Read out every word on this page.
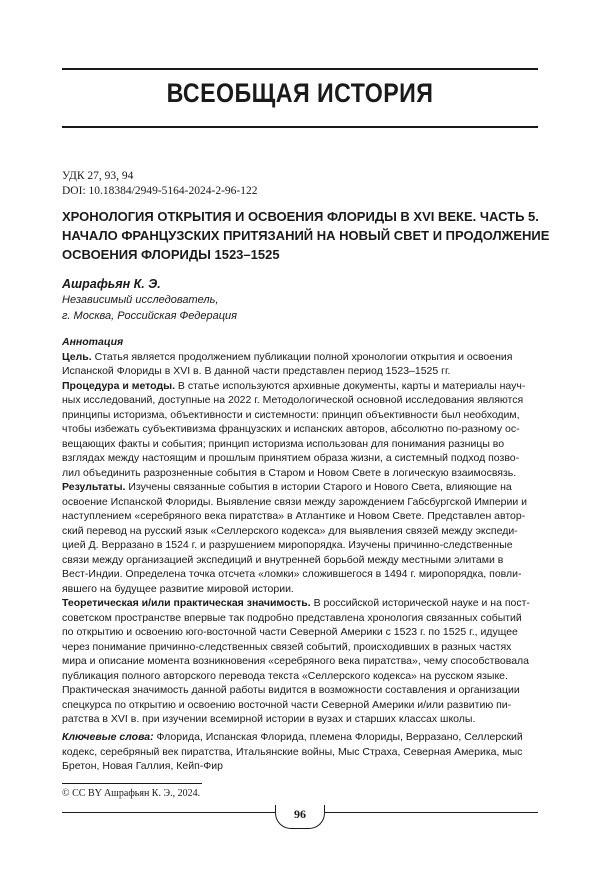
ВСЕОБЩАЯ ИСТОРИЯ
УДК 27, 93, 94
DOI: 10.18384/2949-5164-2024-2-96-122
ХРОНОЛОГИЯ ОТКРЫТИЯ И ОСВОЕНИЯ ФЛОРИДЫ В XVI ВЕКЕ. ЧАСТЬ 5.
НАЧАЛО ФРАНЦУЗСКИХ ПРИТЯЗАНИЙ НА НОВЫЙ СВЕТ И ПРОДОЛЖЕНИЕ
ОСВОЕНИЯ ФЛОРИДЫ 1523–1525
Ашрафьян К. Э.
Независимый исследователь,
г. Москва, Российская Федерация
Аннотация
Цель. Статья является продолжением публикации полной хронологии открытия и освоения
Испанской Флориды в XVI в. В данной части представлен период 1523–1525 гг.
Процедура и методы. В статье используются архивные документы, карты и материалы науч-
ных исследований, доступные на 2022 г. Методологической основной исследования являются
принципы историзма, объективности и системности: принцип объективности был необходим,
чтобы избежать субъективизма французских и испанских авторов, абсолютно по-разному ос-
вещающих факты и события; принцип историзма использован для понимания разницы во
взглядах между настоящим и прошлым принятием образа жизни, а системный подход позво-
лил объединить разрозненные события в Старом и Новом Свете в логическую взаимосвязь.
Результаты. Изучены связанные события в истории Старого и Нового Света, влияющие на
освоение Испанской Флориды. Выявление связи между зарождением Габсбургской Империи и
наступлением «серебряного века пиратства» в Атлантике и Новом Свете. Представлен автор-
ский перевод на русский язык «Селлерского кодекса» для выявления связей между экспеди-
цией Д. Верразано в 1524 г. и разрушением миропорядка. Изучены причинно-следственные
связи между организацией экспедиций и внутренней борьбой между местными элитами в
Вест-Индии. Определена точка отсчета «ломки» сложившегося в 1494 г. миропорядка, повли-
явшего на будущее развитие мировой истории.
Теоретическая и/или практическая значимость. В российской исторической науке и на пост-
советском пространстве впервые так подробно представлена хронология связанных событий
по открытию и освоению юго-восточной части Северной Америки с 1523 г. по 1525 г., идущее
через понимание причинно-следственных связей событий, происходивших в разных частях
мира и описание момента возникновения «серебряного века пиратства», чему способствовала
публикация полного авторского перевода текста «Селлерского кодекса» на русском языке.
Практическая значимость данной работы видится в возможности составления и организации
спецкурса по открытию и освоению восточной части Северной Америки и/или развитию пи-
ратства в XVI в. при изучении всемирной истории в вузах и старших классах школы.
Ключевые слова: Флорида, Испанская Флорида, племена Флориды, Верразано, Селлерский
кодекс, серебряный век пиратства, Итальянские войны, Мыс Страха, Северная Америка, мыс
Бретон, Новая Галлия, Кейп-Фир
© CC BY Ашрафьян К. Э., 2024.
96
